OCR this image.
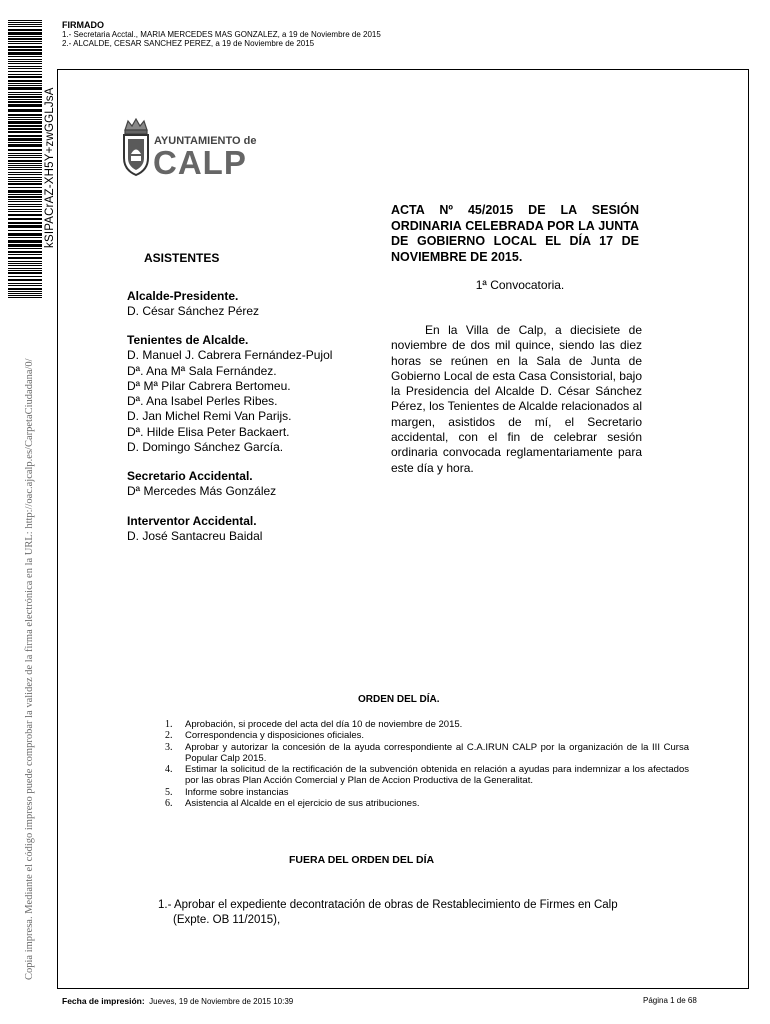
kSIPACrAZ-XH5Y+zwGGLJsA
Copia impresa. Mediante el código impreso puede comprobar la validez de la firma electrónica en la URL: http://oac.ajcalp.es/CarpetaCiudadana/0/
FIRMADO
1.- Secretaria Acctal., MARIA MERCEDES MAS GONZALEZ, a 19 de Noviembre de 2015
2.- ALCALDE, CESAR SANCHEZ PEREZ, a 19 de Noviembre de 2015
AYUNTAMIENTO de
CALP
ACTA Nº 45/2015 DE LA SESIÓN ORDINARIA CELEBRADA POR LA JUNTA DE GOBIERNO LOCAL EL DÍA 17 DE NOVIEMBRE DE 2015.
1ª Convocatoria.
En la Villa de Calp, a diecisiete de noviembre de dos mil quince, siendo las diez horas se reúnen en la Sala de Junta de Gobierno Local de esta Casa Consistorial, bajo la Presidencia del Alcalde D. César Sánchez Pérez, los Tenientes de Alcalde relacionados al margen, asistidos de mí, el Secretario accidental, con el fin de celebrar sesión ordinaria convocada reglamentariamente para este día y hora.
ASISTENTES
Alcalde-Presidente.
D. César Sánchez Pérez
Tenientes de Alcalde.
D. Manuel J. Cabrera Fernández-Pujol
Dª. Ana Mª Sala Fernández.
Dª Mª Pilar Cabrera Bertomeu.
Dª. Ana Isabel Perles Ribes.
D. Jan Michel Remi Van Parijs.
Dª. Hilde Elisa Peter Backaert.
D. Domingo Sánchez García.
Secretario Accidental.
Dª Mercedes Más González
Interventor Accidental.
D. José Santacreu Baidal
ORDEN DEL DÍA.
1. Aprobación, si procede del acta del día 10 de noviembre de 2015.
2. Correspondencia y disposiciones oficiales.
3. Aprobar y autorizar la concesión de la ayuda correspondiente al C.A.IRUN CALP por la organización de la III Cursa Popular Calp 2015.
4. Estimar la solicitud de la rectificación de la subvención obtenida en relación a ayudas para indemnizar a los afectados por las obras Plan Acción Comercial y Plan de Accion Productiva de la Generalitat.
5. Informe sobre instancias
6. Asistencia al Alcalde en el ejercicio de sus atribuciones.
FUERA DEL ORDEN DEL DÍA
1.- Aprobar el expediente decontratación de obras de Restablecimiento de Firmes en Calp
(Expte. OB 11/2015),
Fecha de impresión: Jueves, 19 de Noviembre de 2015 10:39	Página 1 de 68
